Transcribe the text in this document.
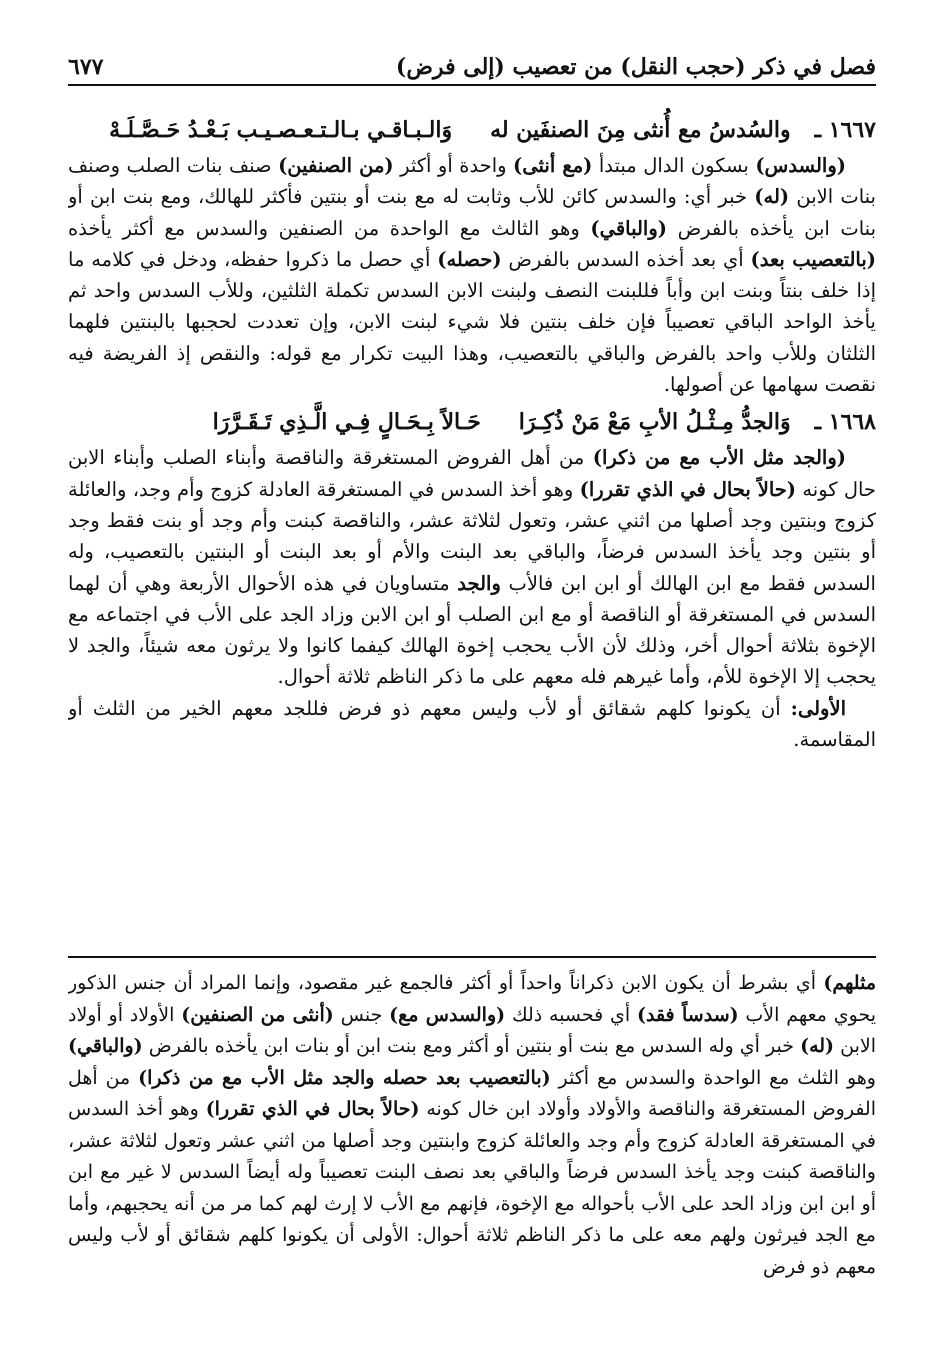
فصل في ذكر (حجب النقل) من تعصيب (إلى فرض)
٦٧٧
١٦٦٧ ـ
والسُدسُ مع أُنثى مِنَ الصنفَين له
وَالـبـاقـي بـالـتـعـصـيـب بَـعْـدُ حَـصَّـلَـهْ

(والسدس) بسكون الدال مبتدأ (مع أنثى) واحدة أو أكثر (من الصنفين) صنف بنات الصلب وصنف بنات الابن (له) خبر أي: والسدس كائن للأب وثابت له مع بنت أو بنتين فأكثر للهالك، ومع بنت ابن أو بنات ابن يأخذه بالفرض (والباقي) وهو الثالث مع الواحدة من الصنفين والسدس مع أكثر يأخذه (بالتعصيب بعد) أي بعد أخذه السدس بالفرض (حصله) أي حصل ما ذكروا حفظه، ودخل في كلامه ما إذا خلف بنتاً وبنت ابن وأباً فللبنت النصف ولبنت الابن السدس تكملة الثلثين، وللأب السدس واحد ثم يأخذ الواحد الباقي تعصيباً فإن خلف بنتين فلا شيء لبنت الابن، وإن تعددت لحجبها بالبنتين فلهما الثلثان وللأب واحد بالفرض والباقي بالتعصيب، وهذا البيت تكرار مع قوله: والنقص إذ الفريضة فيه نقصت سهامها عن أصولها.

١٦٦٨ ـ
وَالجدُّ مِـثْـلُ الأبِ مَعْ مَنْ ذُكِـرَا
حَـالاً بِـحَـالٍ فِـي الَّـذِي تَـقَـرَّرَا

(والجد مثل الأب مع من ذكرا) من أهل الفروض المستغرقة والناقصة وأبناء الصلب وأبناء الابن حال كونه (حالاً بحال في الذي تقررا) وهو أخذ السدس في المستغرقة العادلة كزوج وأم وجد، والعائلة كزوج وبنتين وجد أصلها من اثني عشر، وتعول لثلاثة عشر، والناقصة كبنت وأم وجد أو بنت فقط وجد أو بنتين وجد يأخذ السدس فرضاً، والباقي بعد البنت والأم أو بعد البنت أو البنتين بالتعصيب، وله السدس فقط مع ابن الهالك أو ابن ابن فالأب والجد متساويان في هذه الأحوال الأربعة وهي أن لهما السدس في المستغرقة أو الناقصة أو مع ابن الصلب أو ابن الابن وزاد الجد على الأب في اجتماعه مع الإخوة بثلاثة أحوال أخر، وذلك لأن الأب يحجب إخوة الهالك كيفما كانوا ولا يرثون معه شيئاً، والجد لا يحجب إلا الإخوة للأم، وأما غيرهم فله معهم على ما ذكر الناظم ثلاثة أحوال.

الأولى: أن يكونوا كلهم شقائق أو لأب وليس معهم ذو فرض فللجد معهم الخير من الثلث أو المقاسمة.

مثلهم) أي بشرط أن يكون الابن ذكراناً واحداً أو أكثر فالجمع غير مقصود، وإنما المراد أن جنس الذكور يحوي معهم الأب (سدساً فقد) أي فحسبه ذلك (والسدس مع) جنس (أنثى من الصنفين) الأولاد أو أولاد الابن (له) خبر أي وله السدس مع بنت أو بنتين أو أكثر ومع بنت ابن أو بنات ابن يأخذه بالفرض (والباقي) وهو الثلث مع الواحدة والسدس مع أكثر (بالتعصيب بعد حصله والجد مثل الأب مع من ذكرا) من أهل الفروض المستغرقة والناقصة والأولاد وأولاد ابن خال كونه (حالاً بحال في الذي تقررا) وهو أخذ السدس في المستغرقة العادلة كزوج وأم وجد والعائلة كزوج وابنتين وجد أصلها من اثني عشر وتعول لثلاثة عشر، والناقصة كبنت وجد يأخذ السدس فرضاً والباقي بعد نصف البنت تعصيباً وله أيضاً السدس لا غير مع ابن أو ابن ابن وزاد الحد على الأب بأحواله مع الإخوة، فإنهم مع الأب لا إرث لهم كما مر من أنه يحجبهم، وأما مع الجد فيرثون ولهم معه على ما ذكر الناظم ثلاثة أحوال: الأولى أن يكونوا كلهم شقائق أو لأب وليس معهم ذو فرض
